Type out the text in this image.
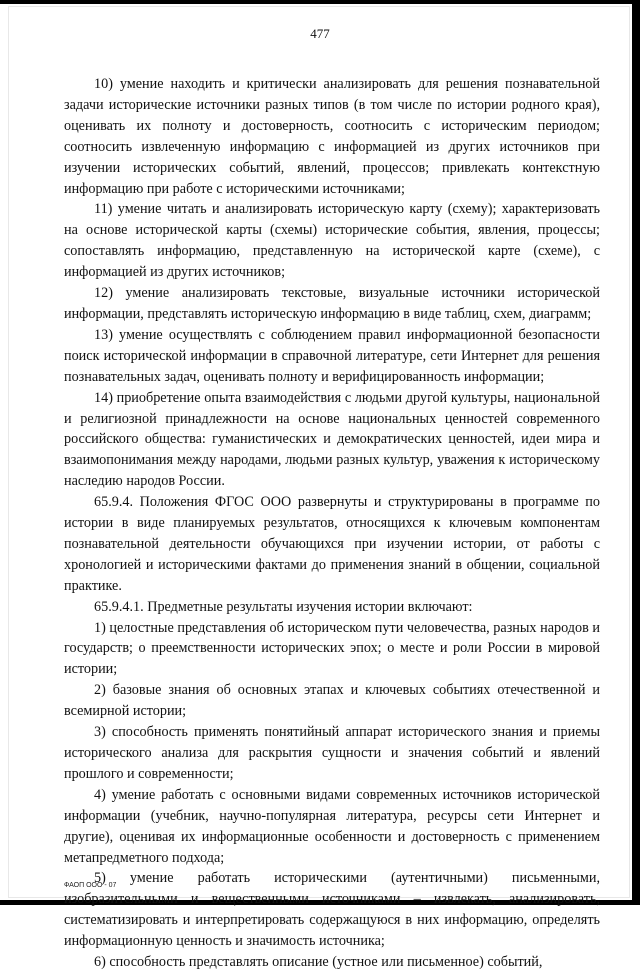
477

10) умение находить и критически анализировать для решения познавательной задачи исторические источники разных типов (в том числе по истории родного края), оценивать их полноту и достоверность, соотносить с историческим периодом; соотносить извлеченную информацию с информацией из других источников при изучении исторических событий, явлений, процессов; привлекать контекстную информацию при работе с историческими источниками;

11) умение читать и анализировать историческую карту (схему); характеризовать на основе исторической карты (схемы) исторические события, явления, процессы; сопоставлять информацию, представленную на исторической карте (схеме), с информацией из других источников;

12) умение анализировать текстовые, визуальные источники исторической информации, представлять историческую информацию в виде таблиц, схем, диаграмм;

13) умение осуществлять с соблюдением правил информационной безопасности поиск исторической информации в справочной литературе, сети Интернет для решения познавательных задач, оценивать полноту и верифицированность информации;

14) приобретение опыта взаимодействия с людьми другой культуры, национальной и религиозной принадлежности на основе национальных ценностей современного российского общества: гуманистических и демократических ценностей, идеи мира и взаимопонимания между народами, людьми разных культур, уважения к историческому наследию народов России.

65.9.4. Положения ФГОС ООО развернуты и структурированы в программе по истории в виде планируемых результатов, относящихся к ключевым компонентам познавательной деятельности обучающихся при изучении истории, от работы с хронологией и историческими фактами до применения знаний в общении, социальной практике.

65.9.4.1. Предметные результаты изучения истории включают:

1) целостные представления об историческом пути человечества, разных народов и государств; о преемственности исторических эпох; о месте и роли России в мировой истории;

2) базовые знания об основных этапах и ключевых событиях отечественной и всемирной истории;

3) способность применять понятийный аппарат исторического знания и приемы исторического анализа для раскрытия сущности и значения событий и явлений прошлого и современности;

4) умение работать с основными видами современных источников исторической информации (учебник, научно-популярная литература, ресурсы сети Интернет и другие), оценивая их информационные особенности и достоверность с применением метапредметного подхода;

5) умение работать историческими (аутентичными) письменными, изобразительными и вещественными источниками – извлекать, анализировать, систематизировать и интерпретировать содержащуюся в них информацию, определять информационную ценность и значимость источника;

6) способность представлять описание (устное или письменное) событий,

ФАОП ООО - 07
